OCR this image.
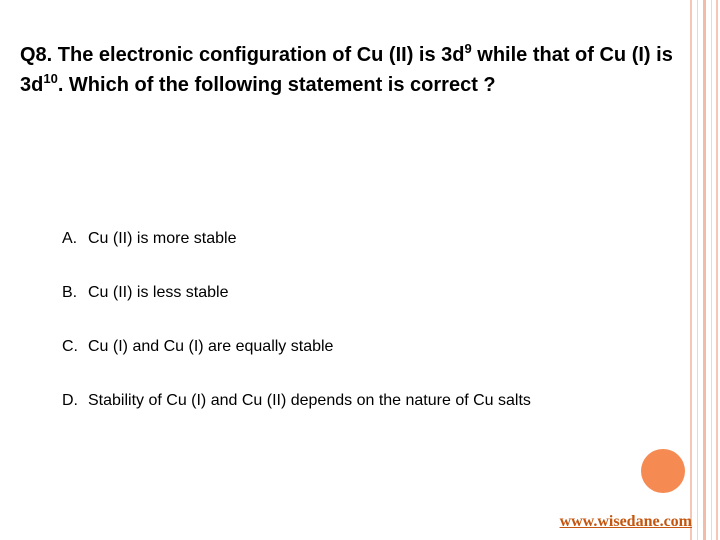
Q8. The electronic configuration of Cu (II) is $3d^9$ while that of Cu (I) is $3d^{10}$. Which of the following statement is correct ?
A. Cu (II) is more stable
B. Cu (II) is less stable
C. Cu (I) and Cu (I) are equally stable
D. Stability of Cu (I) and Cu (II) depends on the nature of Cu salts
www.wisedane.com
